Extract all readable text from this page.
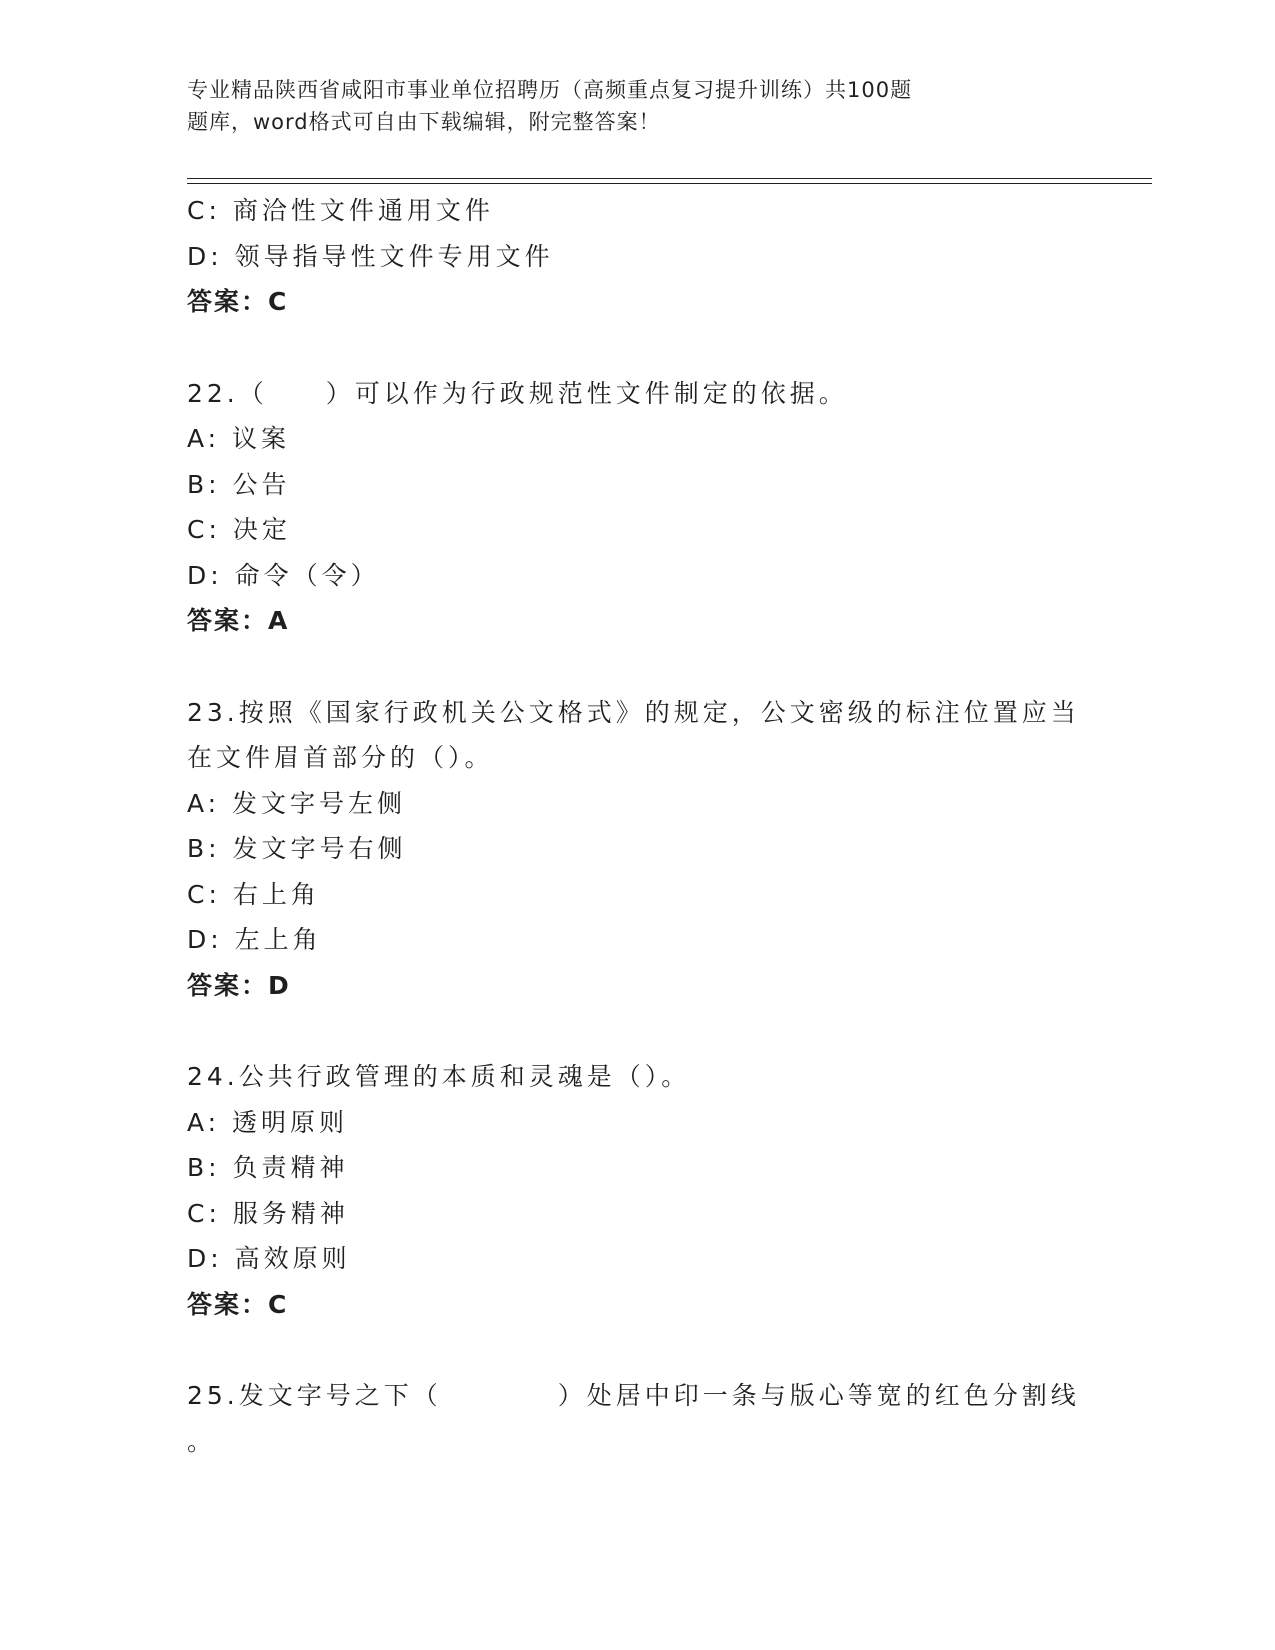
专业精品陕西省咸阳市事业单位招聘历（高频重点复习提升训练）共100题
题库，word格式可自由下载编辑，附完整答案！
C: 商洽性文件通用文件
D: 领导指导性文件专用文件
答案：C
22.（　　）可以作为行政规范性文件制定的依据。
A: 议案
B: 公告
C: 决定
D: 命令（令）
答案：A
23.按照《国家行政机关公文格式》的规定，公文密级的标注位置应当
在文件眉首部分的（）。
A: 发文字号左侧
B: 发文字号右侧
C: 右上角
D: 左上角
答案：D
24.公共行政管理的本质和灵魂是（）。
A: 透明原则
B: 负责精神
C: 服务精神
D: 高效原则
答案：C
25.发文字号之下（　　　　）处居中印一条与版心等宽的红色分割线
。
